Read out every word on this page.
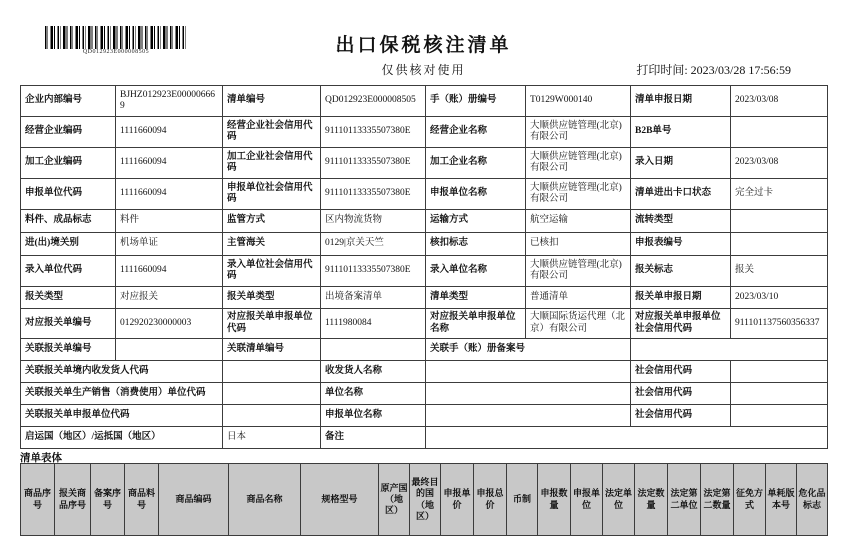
QD012923E000008505	出口保税核注清单
仅供核对使用	打印时间: 2023/03/28 17:56:59
企业内部编号	BJHZ012923E000006669	清单编号	QD012923E000008505	手（账）册编号	T0129W000140	清单申报日期	2023/03/08
经营企业编码	1111660094	经营企业社会信用代码	91110113335507380E	经营企业名称	大顺供应链管理(北京)有限公司	B2B单号	
加工企业编码	1111660094	加工企业社会信用代码	91110113335507380E	加工企业名称	大顺供应链管理(北京)有限公司	录入日期	2023/03/08
申报单位代码	1111660094	申报单位社会信用代码	91110113335507380E	申报单位名称	大顺供应链管理(北京)有限公司	清单进出卡口状态	完全过卡
料件、成品标志	料件	监管方式	区内物流货物	运输方式	航空运输	流转类型	
进(出)境关别	机场单证	主管海关	0129|京关天竺	核扣标志	已核扣	申报表编号	
录入单位代码	1111660094	录入单位社会信用代码	91110113335507380E	录入单位名称	大顺供应链管理(北京)有限公司	报关标志	报关
报关类型	对应报关	报关单类型	出境备案清单	清单类型	普通清单	报关单申报日期	2023/03/10
对应报关单编号	012920230000003	对应报关单申报单位代码	1111980084	对应报关单申报单位名称	大顺国际货运代理（北京）有限公司	对应报关单申报单位社会信用代码	911101137560356337
关联报关单编号		关联清单编号		关联手（账）册备案号			
关联报关单境内收发货人代码			收发货人名称			社会信用代码	
关联报关单生产销售（消费使用）单位代码			单位名称			社会信用代码	
关联报关单申报单位代码			申报单位名称			社会信用代码	
启运国（地区）/运抵国（地区）		日本	备注				
清单表体
商品序号	报关商品序号	备案序号	商品料号	商品编码	商品名称	规格型号	原产国（地区）	最终目的国（地区）	申报单价	申报总价	币制	申报数量	申报单位	法定单位	法定数量	法定第二单位	法定第二数量	征免方式	单耗版本号	危化品标志
